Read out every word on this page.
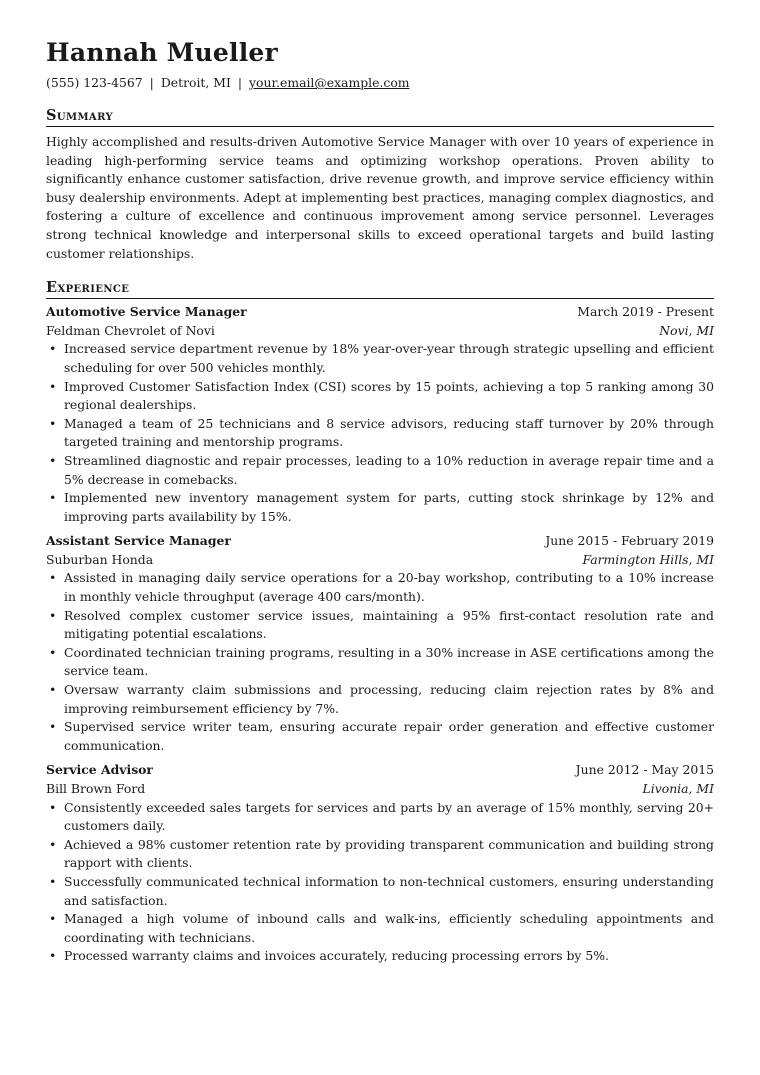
Hannah Mueller
(555) 123-4567 | Detroit, MI | your.email@example.com
Summary
Highly accomplished and results-driven Automotive Service Manager with over 10 years of experience in leading high-performing service teams and optimizing workshop operations. Proven ability to significantly enhance customer satisfaction, drive revenue growth, and improve service efficiency within busy dealership environments. Adept at implementing best practices, managing complex diagnostics, and fostering a culture of excellence and continuous improvement among service personnel. Leverages strong technical knowledge and interpersonal skills to exceed operational targets and build lasting customer relationships.
Experience
Automotive Service Manager	March 2019 - Present
Feldman Chevrolet of Novi	Novi, MI
• Increased service department revenue by 18% year-over-year through strategic upselling and efficient scheduling for over 500 vehicles monthly.
• Improved Customer Satisfaction Index (CSI) scores by 15 points, achieving a top 5 ranking among 30 regional dealerships.
• Managed a team of 25 technicians and 8 service advisors, reducing staff turnover by 20% through targeted training and mentorship programs.
• Streamlined diagnostic and repair processes, leading to a 10% reduction in average repair time and a 5% decrease in comebacks.
• Implemented new inventory management system for parts, cutting stock shrinkage by 12% and improving parts availability by 15%.
Assistant Service Manager	June 2015 - February 2019
Suburban Honda	Farmington Hills, MI
• Assisted in managing daily service operations for a 20-bay workshop, contributing to a 10% increase in monthly vehicle throughput (average 400 cars/month).
• Resolved complex customer service issues, maintaining a 95% first-contact resolution rate and mitigating potential escalations.
• Coordinated technician training programs, resulting in a 30% increase in ASE certifications among the service team.
• Oversaw warranty claim submissions and processing, reducing claim rejection rates by 8% and improving reimbursement efficiency by 7%.
• Supervised service writer team, ensuring accurate repair order generation and effective customer communication.
Service Advisor	June 2012 - May 2015
Bill Brown Ford	Livonia, MI
• Consistently exceeded sales targets for services and parts by an average of 15% monthly, serving 20+ customers daily.
• Achieved a 98% customer retention rate by providing transparent communication and building strong rapport with clients.
• Successfully communicated technical information to non-technical customers, ensuring understanding and satisfaction.
• Managed a high volume of inbound calls and walk-ins, efficiently scheduling appointments and coordinating with technicians.
• Processed warranty claims and invoices accurately, reducing processing errors by 5%.
